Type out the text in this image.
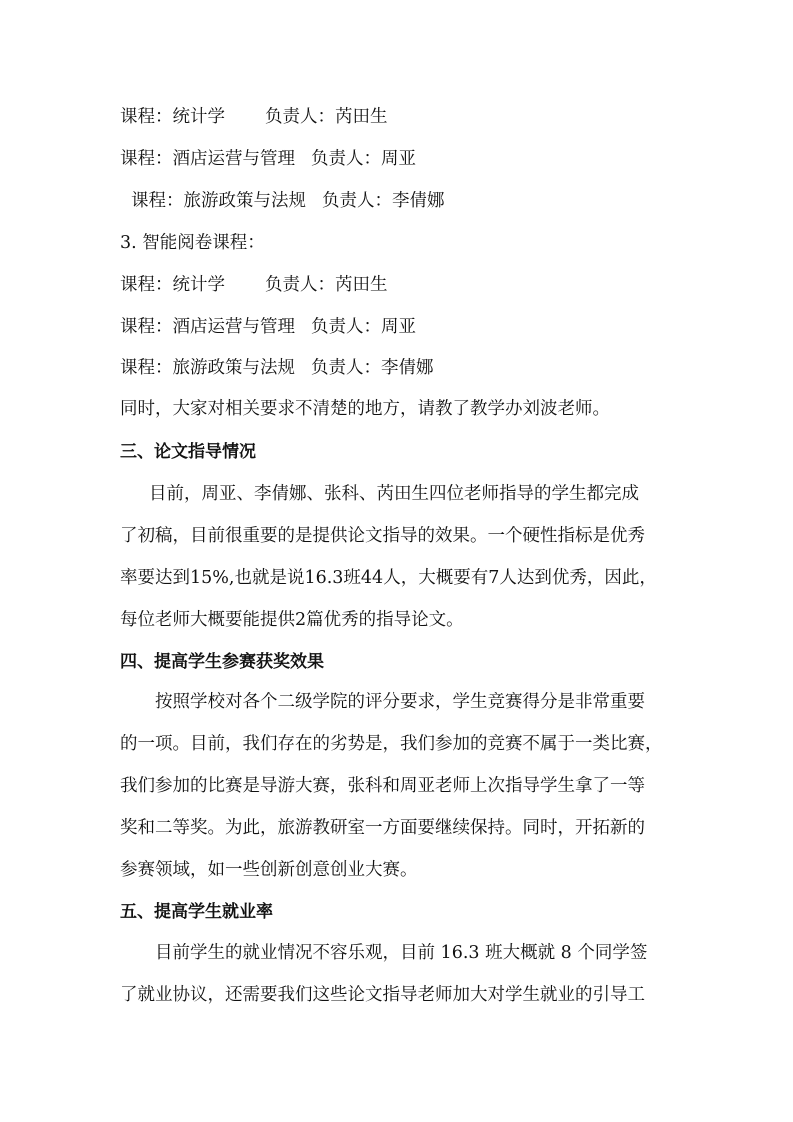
课程：统计学 负责人：芮田生
课程：酒店运营与管理 负责人：周亚
课程：旅游政策与法规 负责人：李倩娜
3. 智能阅卷课程：
课程：统计学 负责人：芮田生
课程：酒店运营与管理 负责人：周亚
课程：旅游政策与法规 负责人：李倩娜
同时，大家对相关要求不清楚的地方，请教了教学办刘波老师。
三、论文指导情况
目前，周亚、李倩娜、张科、芮田生四位老师指导的学生都完成
了初稿，目前很重要的是提供论文指导的效果。一个硬性指标是优秀
率要达到15%,也就是说16.3班44人，大概要有7人达到优秀，因此，
每位老师大概要能提供2篇优秀的指导论文。
四、提高学生参赛获奖效果
按照学校对各个二级学院的评分要求，学生竞赛得分是非常重要
的一项。目前，我们存在的劣势是，我们参加的竞赛不属于一类比赛，
我们参加的比赛是导游大赛，张科和周亚老师上次指导学生拿了一等
奖和二等奖。为此，旅游教研室一方面要继续保持。同时，开拓新的
参赛领域，如一些创新创意创业大赛。
五、提高学生就业率
目前学生的就业情况不容乐观，目前 16.3 班大概就 8 个同学签
了就业协议，还需要我们这些论文指导老师加大对学生就业的引导工
